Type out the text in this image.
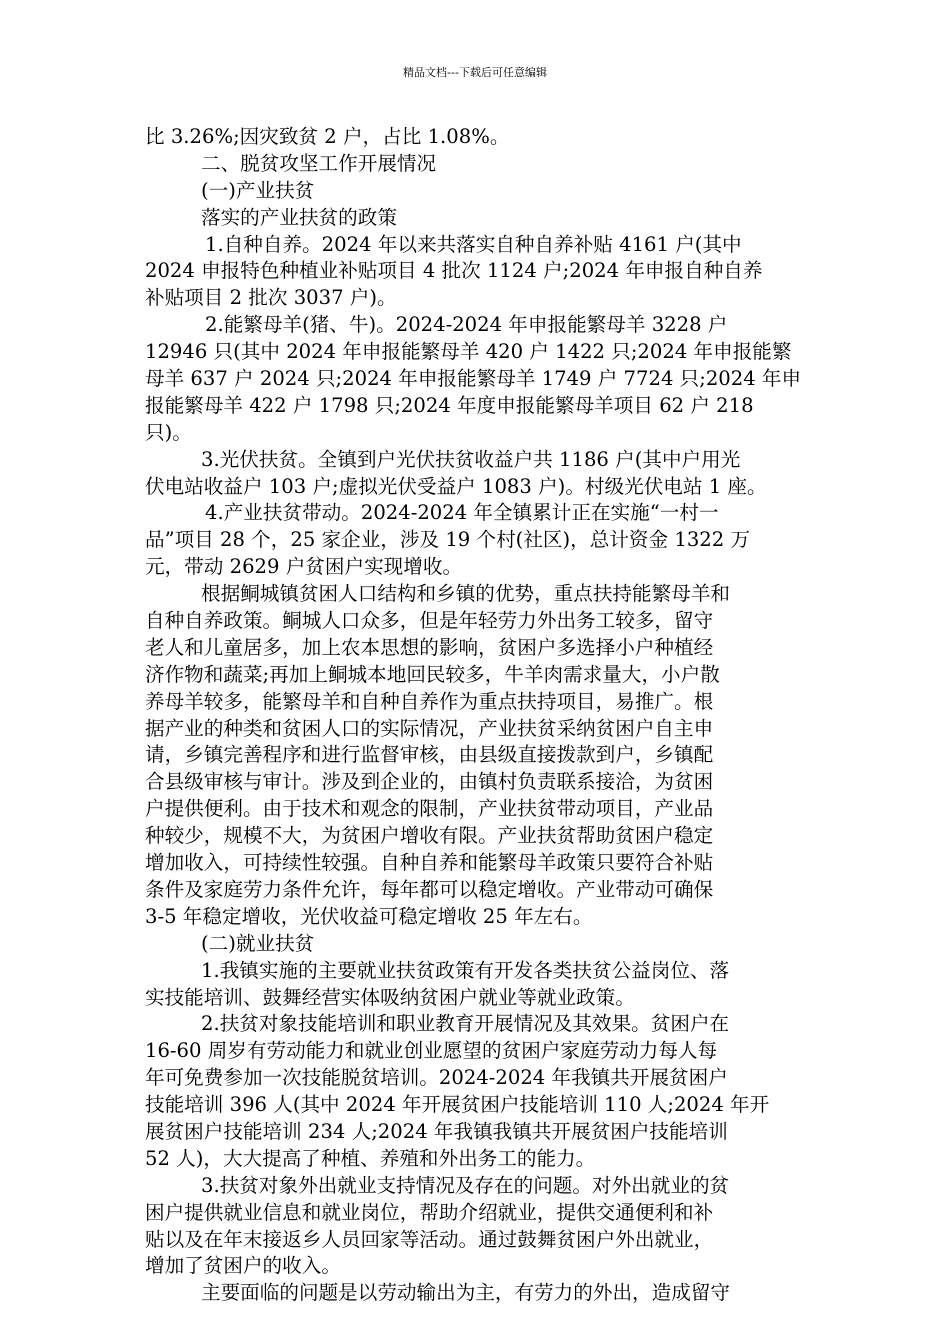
精品文档---下载后可任意编辑
比 3.26%;因灾致贫 2 户，占比 1.08%。
二、脱贫攻坚工作开展情况
(一)产业扶贫
落实的产业扶贫的政策
1.自种自养。2024 年以来共落实自种自养补贴 4161 户(其中
2024 申报特色种植业补贴项目 4 批次 1124 户;2024 年申报自种自养
补贴项目 2 批次 3037 户)。
2.能繁母羊(猪、牛)。2024-2024 年申报能繁母羊 3228 户
12946 只(其中 2024 年申报能繁母羊 420 户 1422 只;2024 年申报能繁
母羊 637 户 2024 只;2024 年申报能繁母羊 1749 户 7724 只;2024 年申
报能繁母羊 422 户 1798 只;2024 年度申报能繁母羊项目 62 户 218
只)。
3.光伏扶贫。全镇到户光伏扶贫收益户共 1186 户(其中户用光
伏电站收益户 103 户;虚拟光伏受益户 1083 户)。村级光伏电站 1 座。
4.产业扶贫带动。2024-2024 年全镇累计正在实施“一村一
品”项目 28 个，25 家企业，涉及 19 个村(社区)，总计资金 1322 万
元，带动 2629 户贫困户实现增收。
根据鲖城镇贫困人口结构和乡镇的优势，重点扶持能繁母羊和
自种自养政策。鲖城人口众多，但是年轻劳力外出务工较多，留守
老人和儿童居多，加上农本思想的影响，贫困户多选择小户种植经
济作物和蔬菜;再加上鲖城本地回民较多，牛羊肉需求量大，小户散
养母羊较多，能繁母羊和自种自养作为重点扶持项目，易推广。根
据产业的种类和贫困人口的实际情况，产业扶贫采纳贫困户自主申
请，乡镇完善程序和进行监督审核，由县级直接拨款到户，乡镇配
合县级审核与审计。涉及到企业的，由镇村负责联系接洽，为贫困
户提供便利。由于技术和观念的限制，产业扶贫带动项目，产业品
种较少，规模不大，为贫困户增收有限。产业扶贫帮助贫困户稳定
增加收入，可持续性较强。自种自养和能繁母羊政策只要符合补贴
条件及家庭劳力条件允许，每年都可以稳定增收。产业带动可确保
3-5 年稳定增收，光伏收益可稳定增收 25 年左右。
(二)就业扶贫
1.我镇实施的主要就业扶贫政策有开发各类扶贫公益岗位、落
实技能培训、鼓舞经营实体吸纳贫困户就业等就业政策。
2.扶贫对象技能培训和职业教育开展情况及其效果。贫困户在
16-60 周岁有劳动能力和就业创业愿望的贫困户家庭劳动力每人每
年可免费参加一次技能脱贫培训。2024-2024 年我镇共开展贫困户
技能培训 396 人(其中 2024 年开展贫困户技能培训 110 人;2024 年开
展贫困户技能培训 234 人;2024 年我镇我镇共开展贫困户技能培训
52 人)，大大提高了种植、养殖和外出务工的能力。
3.扶贫对象外出就业支持情况及存在的问题。对外出就业的贫
困户提供就业信息和就业岗位，帮助介绍就业，提供交通便利和补
贴以及在年末接返乡人员回家等活动。通过鼓舞贫困户外出就业，
增加了贫困户的收入。
主要面临的问题是以劳动输出为主，有劳力的外出，造成留守
